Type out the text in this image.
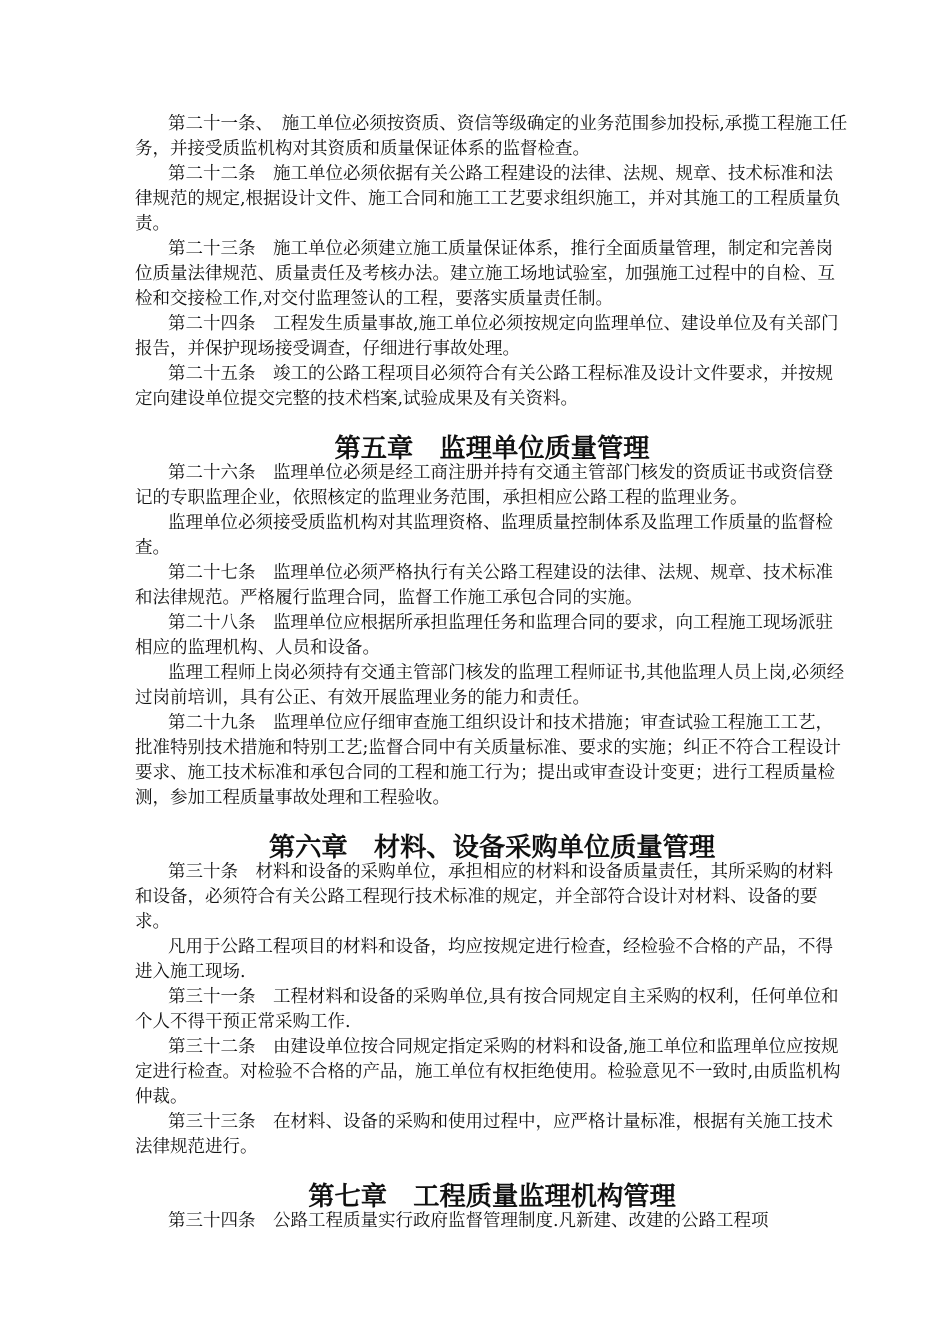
第二十一条、　施工单位必须按资质、资信等级确定的业务范围参加投标,承揽工程施工任务，并接受质监机构对其资质和质量保证体系的监督检查。

第二十二条　施工单位必须依据有关公路工程建设的法律、法规、规章、技术标准和法律规范的规定,根据设计文件、施工合同和施工工艺要求组织施工，并对其施工的工程质量负责。

第二十三条　施工单位必须建立施工质量保证体系，推行全面质量管理，制定和完善岗位质量法律规范、质量责任及考核办法。建立施工场地试验室，加强施工过程中的自检、互检和交接检工作,对交付监理签认的工程，要落实质量责任制。

第二十四条　工程发生质量事故,施工单位必须按规定向监理单位、建设单位及有关部门报告，并保护现场接受调查，仔细进行事故处理。

第二十五条　竣工的公路工程项目必须符合有关公路工程标准及设计文件要求，并按规定向建设单位提交完整的技术档案,试验成果及有关资料。

第五章　监理单位质量管理

第二十六条　监理单位必须是经工商注册并持有交通主管部门核发的资质证书或资信登记的专职监理企业，依照核定的监理业务范围，承担相应公路工程的监理业务。

监理单位必须接受质监机构对其监理资格、监理质量控制体系及监理工作质量的监督检查。

第二十七条　监理单位必须严格执行有关公路工程建设的法律、法规、规章、技术标准和法律规范。严格履行监理合同，监督工作施工承包合同的实施。

第二十八条　监理单位应根据所承担监理任务和监理合同的要求，向工程施工现场派驻相应的监理机构、人员和设备。

监理工程师上岗必须持有交通主管部门核发的监理工程师证书,其他监理人员上岗,必须经过岗前培训，具有公正、有效开展监理业务的能力和责任。

第二十九条　监理单位应仔细审查施工组织设计和技术措施；审查试验工程施工工艺，批准特别技术措施和特别工艺;监督合同中有关质量标准、要求的实施；纠正不符合工程设计要求、施工技术标准和承包合同的工程和施工行为；提出或审查设计变更；进行工程质量检测，参加工程质量事故处理和工程验收。

第六章　材料、设备采购单位质量管理

第三十条　材料和设备的采购单位，承担相应的材料和设备质量责任，其所采购的材料和设备，必须符合有关公路工程现行技术标准的规定，并全部符合设计对材料、设备的要求。

凡用于公路工程项目的材料和设备，均应按规定进行检查，经检验不合格的产品，不得进入施工现场.

第三十一条　工程材料和设备的采购单位,具有按合同规定自主采购的权利，任何单位和个人不得干预正常采购工作.

第三十二条　由建设单位按合同规定指定采购的材料和设备,施工单位和监理单位应按规定进行检查。对检验不合格的产品，施工单位有权拒绝使用。检验意见不一致时,由质监机构仲裁。

第三十三条　在材料、设备的采购和使用过程中，应严格计量标准，根据有关施工技术法律规范进行。

第七章　工程质量监理机构管理

第三十四条　公路工程质量实行政府监督管理制度.凡新建、改建的公路工程项
